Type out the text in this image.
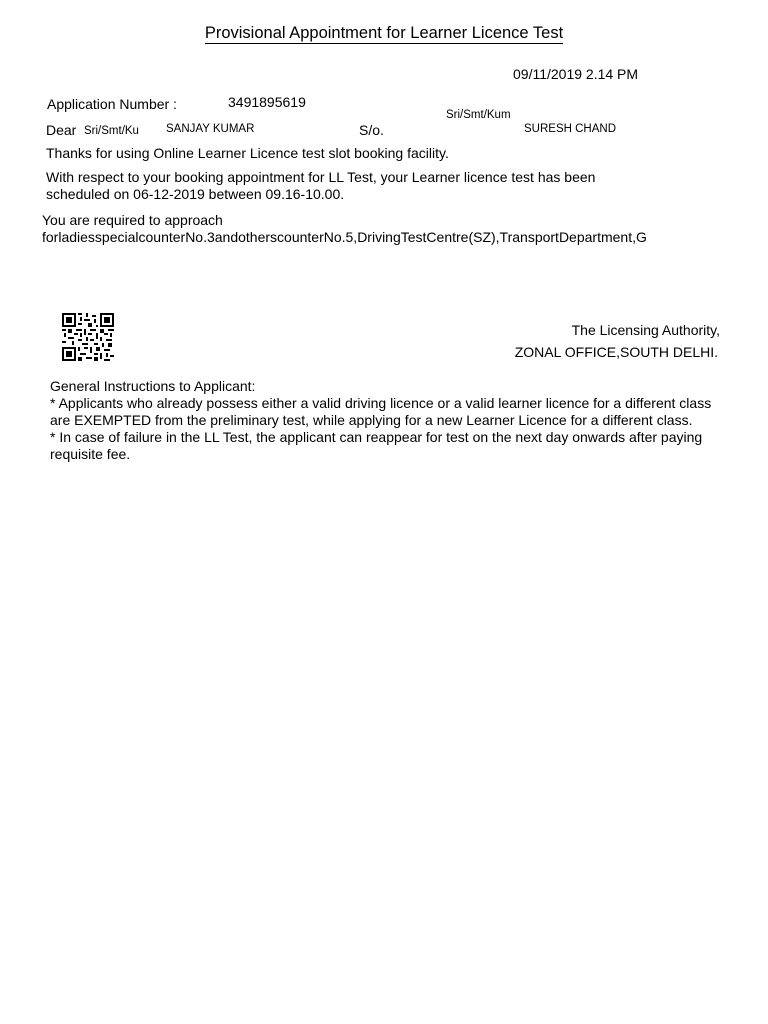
Provisional Appointment for Learner Licence Test
09/11/2019 2.14 PM
Application Number :	3491895619
Sri/Smt/Kum
Dear Sri/Smt/Ku SANJAY KUMAR	S/o.	SURESH CHAND
Thanks for using Online Learner Licence test slot booking facility.
With respect to your booking appointment for LL Test, your Learner licence test has been
scheduled on 06-12-2019 between 09.16-10.00.
You are required to approach
forladiesspecialcounterNo.3andotherscounterNo.5,DrivingTestCentre(SZ),TransportDepartment,G
The Licensing Authority,
ZONAL OFFICE,SOUTH DELHI.
General Instructions to Applicant:
* Applicants who already possess either a valid driving licence or a valid learner licence for a different class are EXEMPTED from the preliminary test, while applying for a new Learner Licence for a different class.
* In case of failure in the LL Test, the applicant can reappear for test on the next day onwards after paying requisite fee.
